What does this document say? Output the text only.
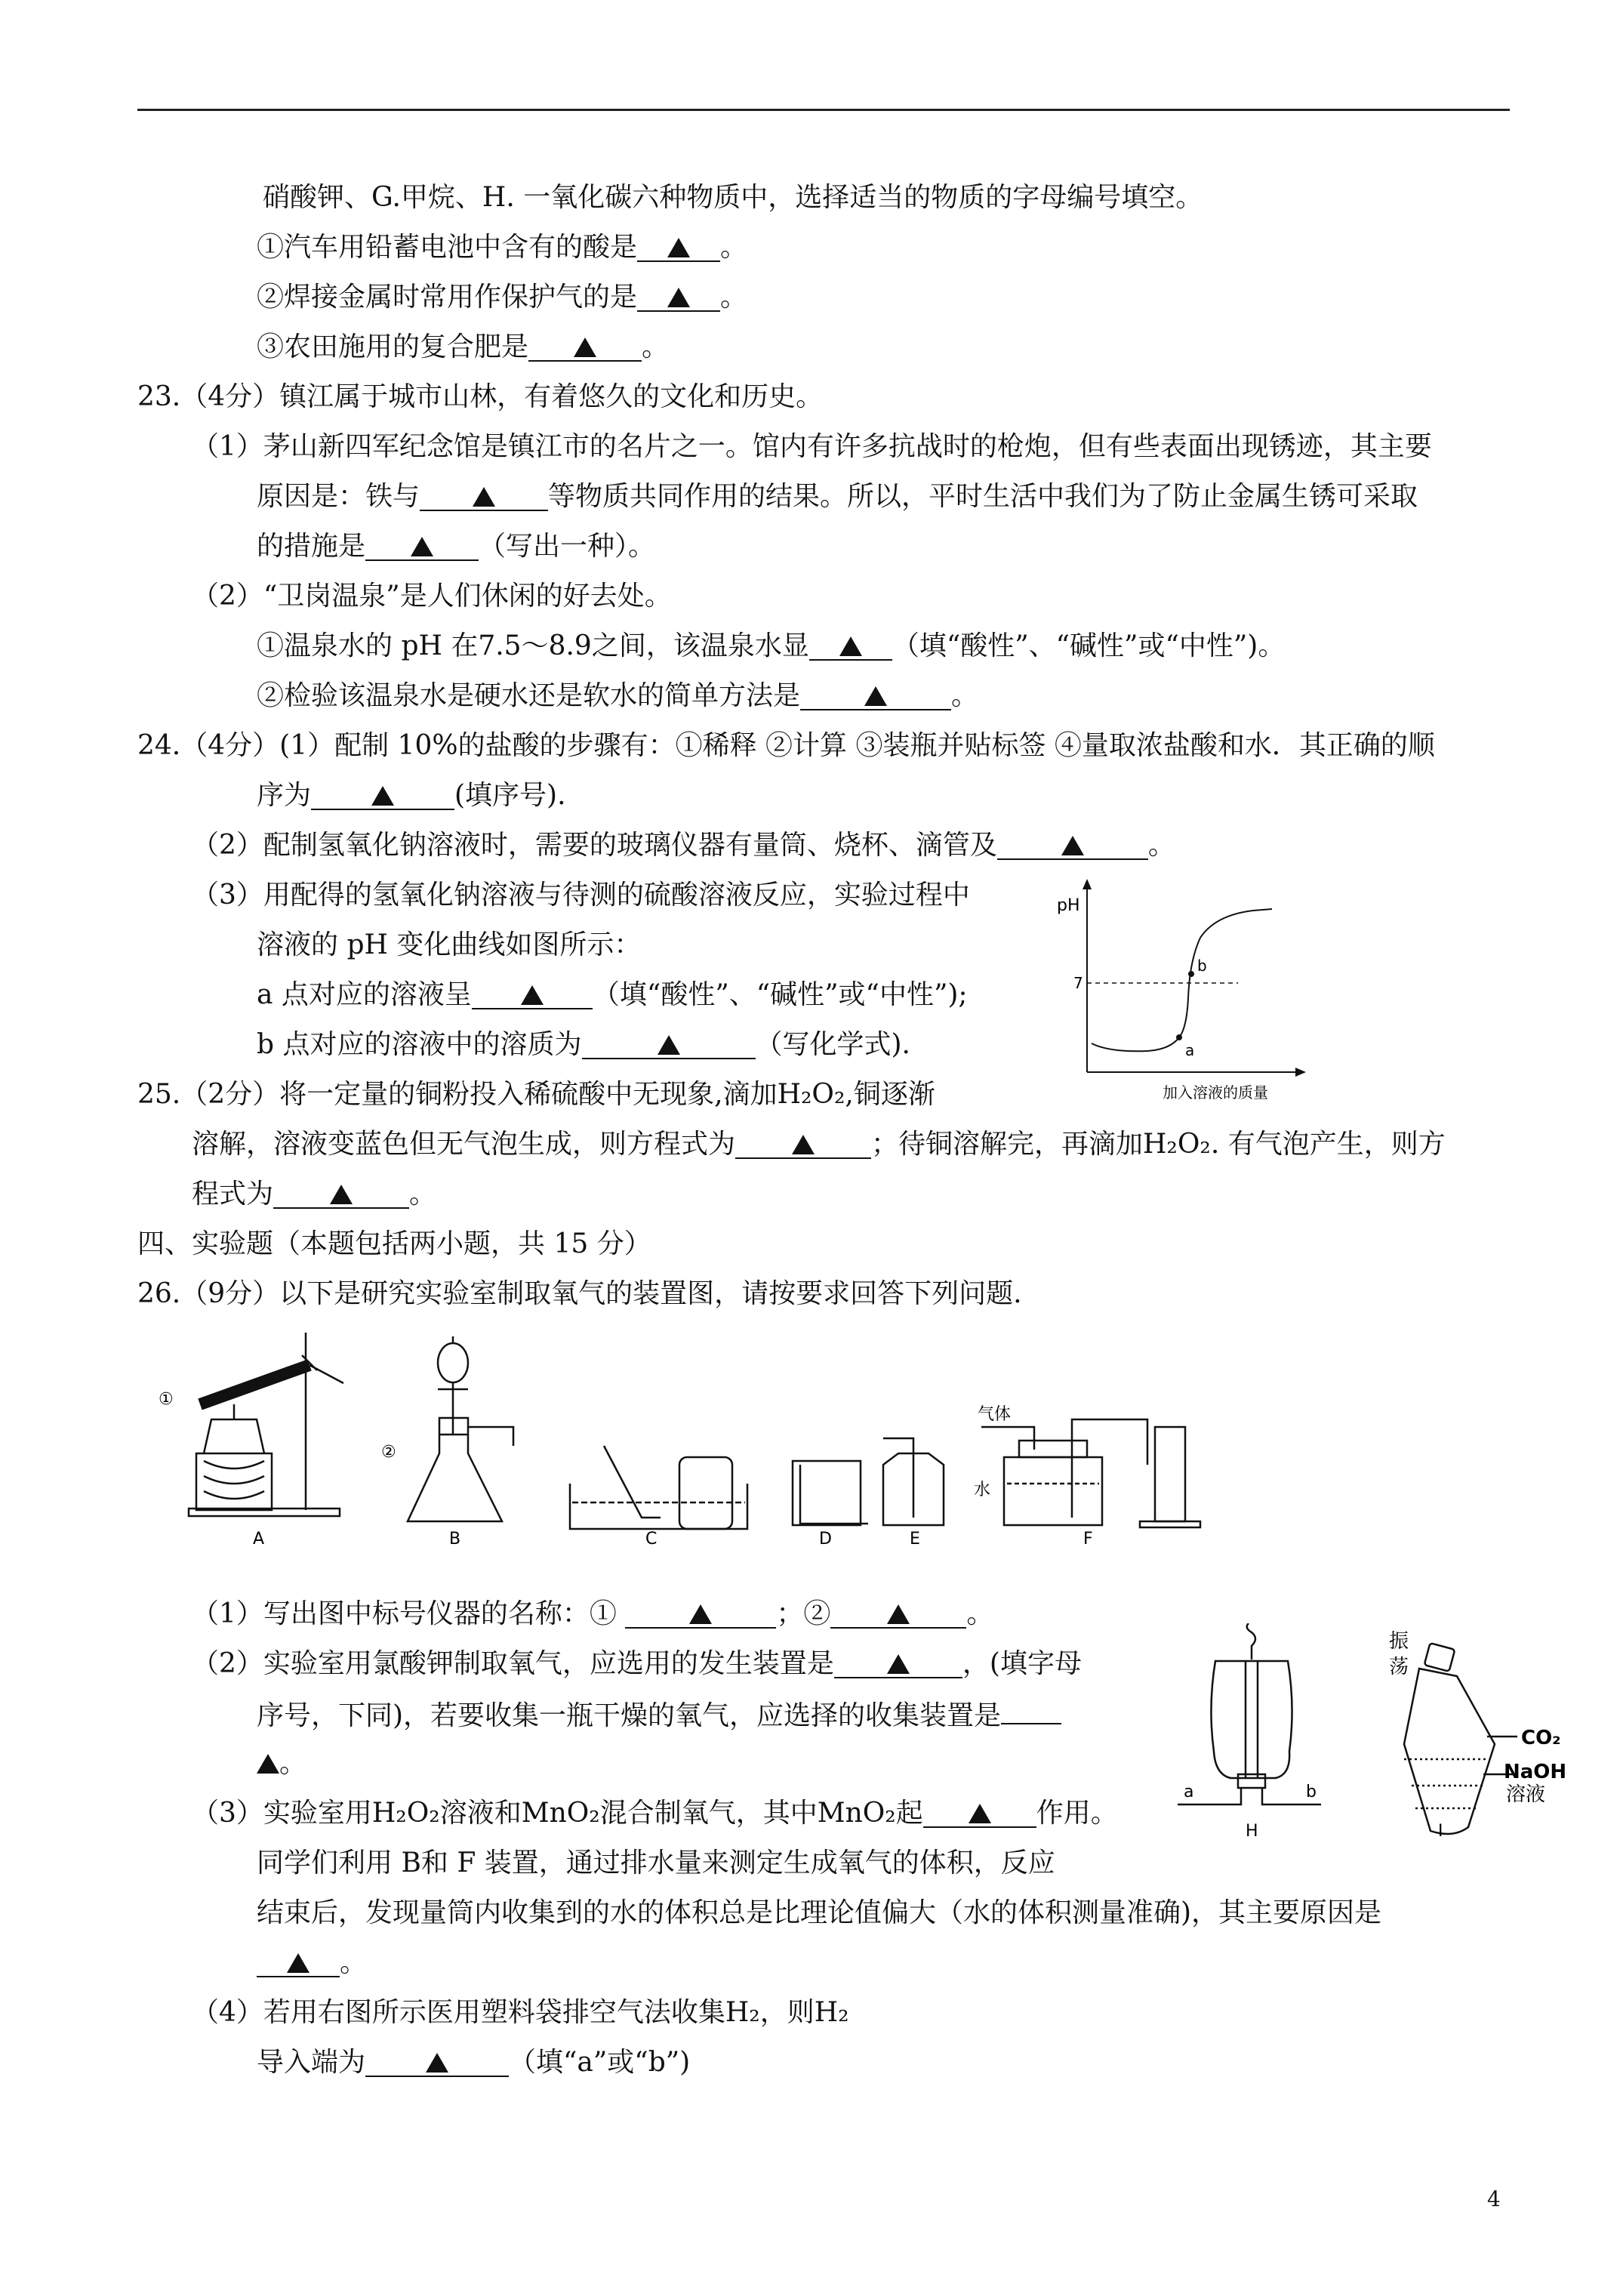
硝酸钾、G.甲烷、H. 一氧化碳六种物质中，选择适当的物质的字母编号填空。
①汽车用铅蓄电池中含有的酸是	。
②焊接金属时常用作保护气的是	。
③农田施用的复合肥是	。
23.（4分）镇江属于城市山林，有着悠久的文化和历史。
（1）茅山新四军纪念馆是镇江市的名片之一。馆内有许多抗战时的枪炮，但有些表面出现锈迹，其主要
原因是：铁与	等物质共同作用的结果。所以，平时生活中我们为了防止金属生锈可采取
的措施是	（写出一种）。
（2）“卫岗温泉”是人们休闲的好去处。
①温泉水的 pH 在7.5～8.9之间，该温泉水显	（填“酸性”、“碱性”或“中性”)。
②检验该温泉水是硬水还是软水的简单方法是	。
24.（4分）(1）配制 10%的盐酸的步骤有：①稀释 ②计算 ③装瓶并贴标签 ④量取浓盐酸和水．其正确的顺
序为	(填序号).
（2）配制氢氧化钠溶液时，需要的玻璃仪器有量筒、烧杯、滴管及	。
（3）用配得的氢氧化钠溶液与待测的硫酸溶液反应，实验过程中
溶液的 pH 变化曲线如图所示：
a 点对应的溶液呈	（填“酸性”、“碱性”或“中性”);
b 点对应的溶液中的溶质为	（写化学式).
pH
7
a
b
加入溶液的质量
25.（2分）将一定量的铜粉投入稀硫酸中无现象,滴加H₂O₂,铜逐渐
溶解，溶液变蓝色但无气泡生成，则方程式为	；待铜溶解完，再滴加H₂O₂. 有气泡产生，则方
程式为	。
四、实验题（本题包括两小题，共 15 分）
26.（9分）以下是研究实验室制取氧气的装置图，请按要求回答下列问题.
①
②
气体
水
A	B	C	D	E	F
（1）写出图中标号仪器的名称：①	；②	。
（2）实验室用氯酸钾制取氧气，应选用的发生装置是	，(填字母
序号，下同)，若要收集一瓶干燥的氧气，应选择的收集装置是
。
（3）实验室用H₂O₂溶液和MnO₂混合制氧气，其中MnO₂起	作用。
同学们利用 B和 F 装置，通过排水量来测定生成氧气的体积，反应
结束后，发现量筒内收集到的水的体积总是比理论值偏大（水的体积测量准确)，其主要原因是
。
（4）若用右图所示医用塑料袋排空气法收集H₂，则H₂
导入端为	（填“a”或“b”)
a	b
H
振
荡
CO₂
NaOH
溶液
I
4
